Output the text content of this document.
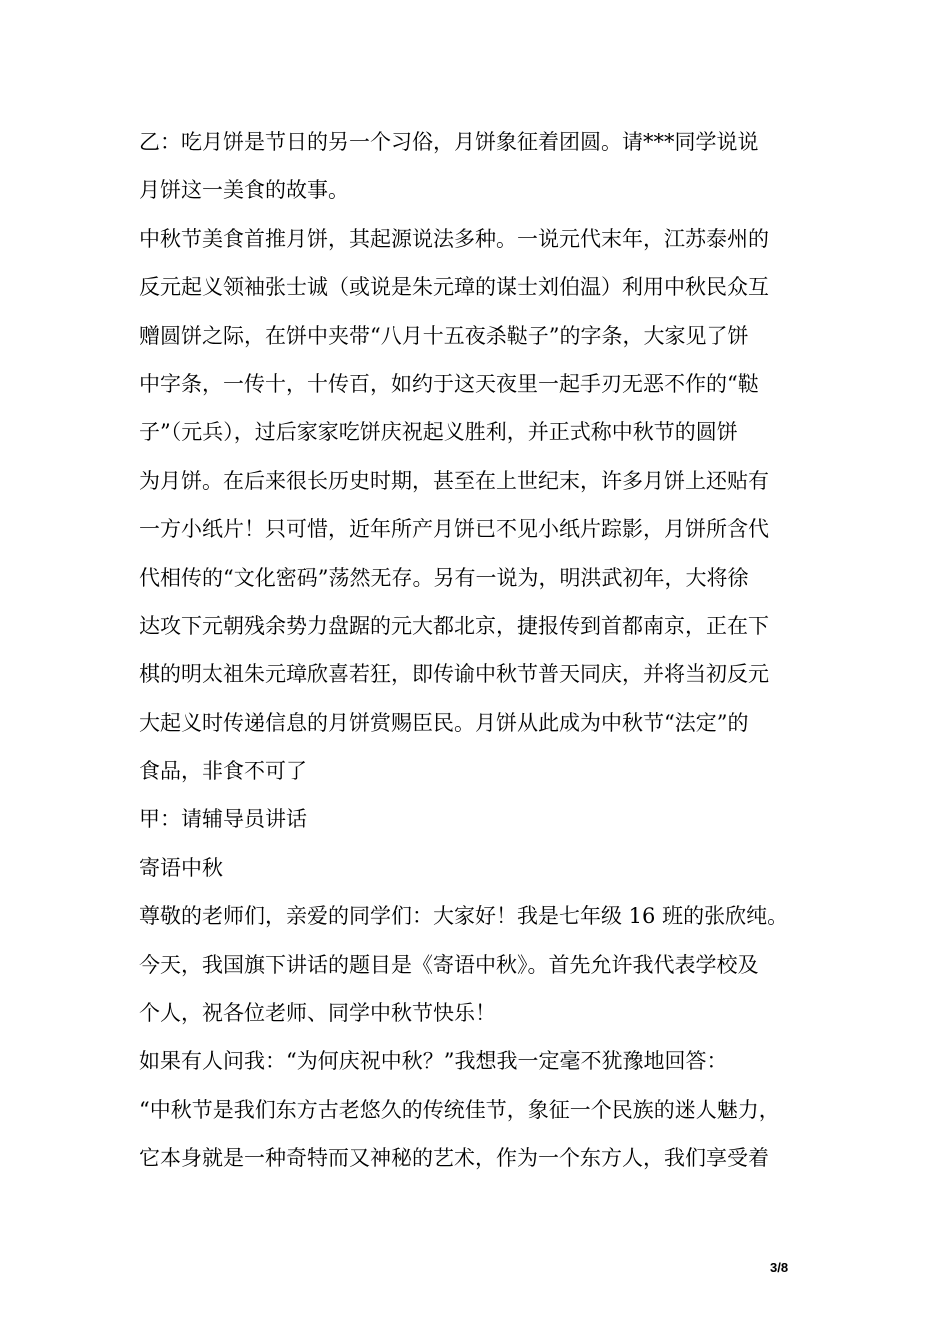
乙：吃月饼是节日的另一个习俗，月饼象征着团圆。请***同学说说
月饼这一美食的故事。
中秋节美食首推月饼，其起源说法多种。一说元代末年，江苏泰州的
反元起义领袖张士诚（或说是朱元璋的谋士刘伯温）利用中秋民众互
赠圆饼之际，在饼中夹带“八月十五夜杀鞑子”的字条，大家见了饼
中字条，一传十，十传百，如约于这天夜里一起手刃无恶不作的“鞑
子”（元兵），过后家家吃饼庆祝起义胜利，并正式称中秋节的圆饼
为月饼。在后来很长历史时期，甚至在上世纪末，许多月饼上还贴有
一方小纸片！只可惜，近年所产月饼已不见小纸片踪影，月饼所含代
代相传的“文化密码”荡然无存。另有一说为，明洪武初年，大将徐
达攻下元朝残余势力盘踞的元大都北京，捷报传到首都南京，正在下
棋的明太祖朱元璋欣喜若狂，即传谕中秋节普天同庆，并将当初反元
大起义时传递信息的月饼赏赐臣民。月饼从此成为中秋节“法定”的
食品，非食不可了
甲：请辅导员讲话
寄语中秋
尊敬的老师们，亲爱的同学们：大家好！我是七年级 16 班的张欣纯。
今天，我国旗下讲话的题目是《寄语中秋》。首先允许我代表学校及
个人，祝各位老师、同学中秋节快乐！
如果有人问我：“为何庆祝中秋？”我想我一定毫不犹豫地回答：
“中秋节是我们东方古老悠久的传统佳节，象征一个民族的迷人魅力，
它本身就是一种奇特而又神秘的艺术，作为一个东方人，我们享受着
3/8
